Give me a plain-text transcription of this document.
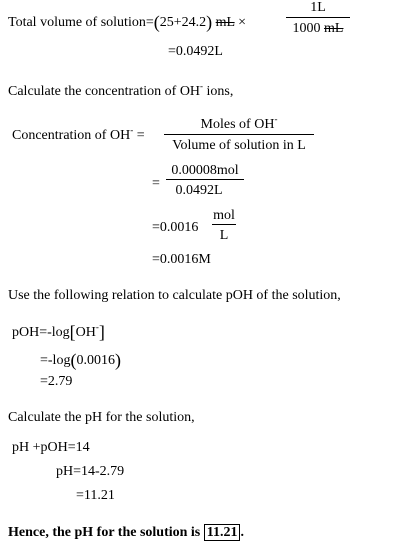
Total volume of solution=(25+24.2) mL ×
1L
1000 mL
=0.0492L
Calculate the concentration of OH- ions,
Concentration of OH- =
Moles of OH-
Volume of solution in L
=
0.00008mol
0.0492L
=0.0016
mol
L
=0.0016M
Use the following relation to calculate pOH of the solution,
pOH=-log[OH-]
=-log(0.0016)
=2.79
Calculate the pH for the solution,
pH +pOH=14
pH=14-2.79
=11.21
Hence, the pH for the solution is 11.21 .
